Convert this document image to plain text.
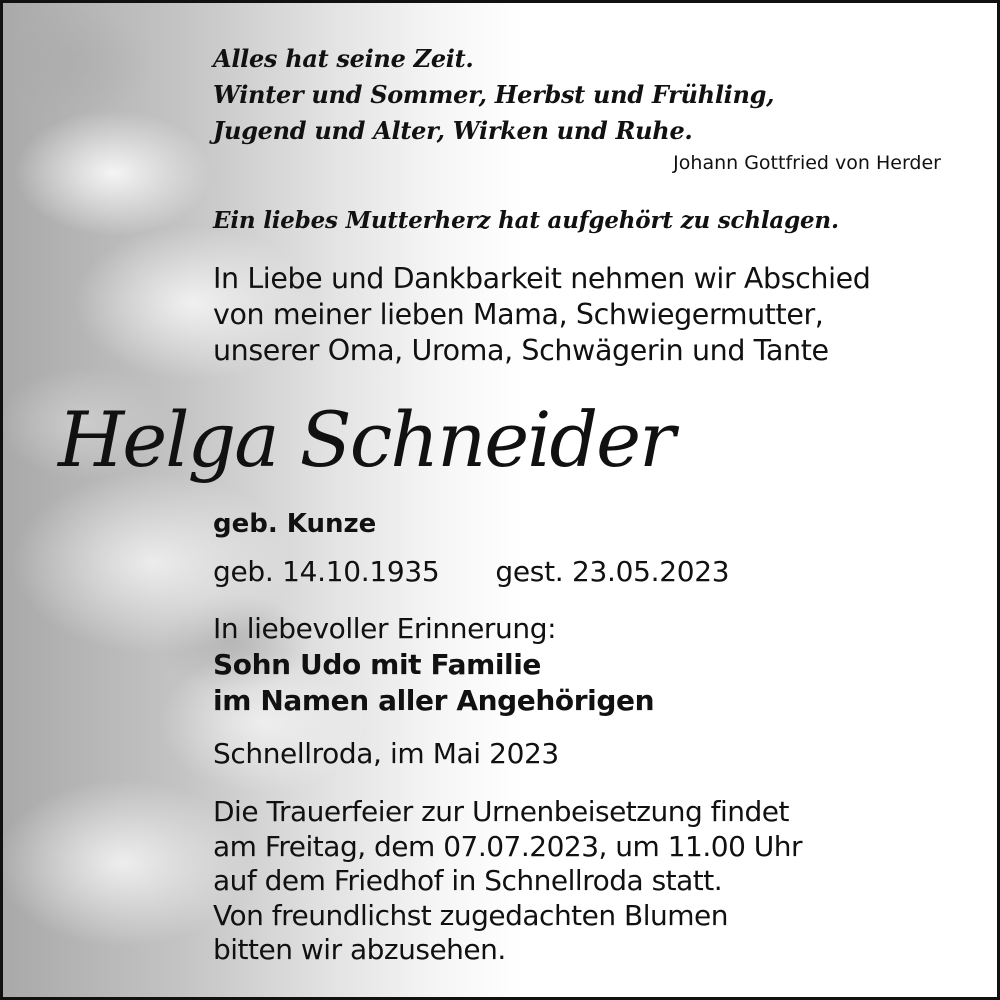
Alles hat seine Zeit.
Winter und Sommer, Herbst und Frühling,
Jugend und Alter, Wirken und Ruhe.
Johann Gottfried von Herder
Ein liebes Mutterherz hat aufgehört zu schlagen.
In Liebe und Dankbarkeit nehmen wir Abschied
von meiner lieben Mama, Schwiegermutter,
unserer Oma, Uroma, Schwägerin und Tante
Helga Schneider
geb. Kunze
geb. 14.10.1935 gest. 23.05.2023
In liebevoller Erinnerung:
Sohn Udo mit Familie
im Namen aller Angehörigen
Schnellroda, im Mai 2023
Die Trauerfeier zur Urnenbeisetzung findet
am Freitag, dem 07.07.2023, um 11.00 Uhr
auf dem Friedhof in Schnellroda statt.
Von freundlichst zugedachten Blumen
bitten wir abzusehen.
